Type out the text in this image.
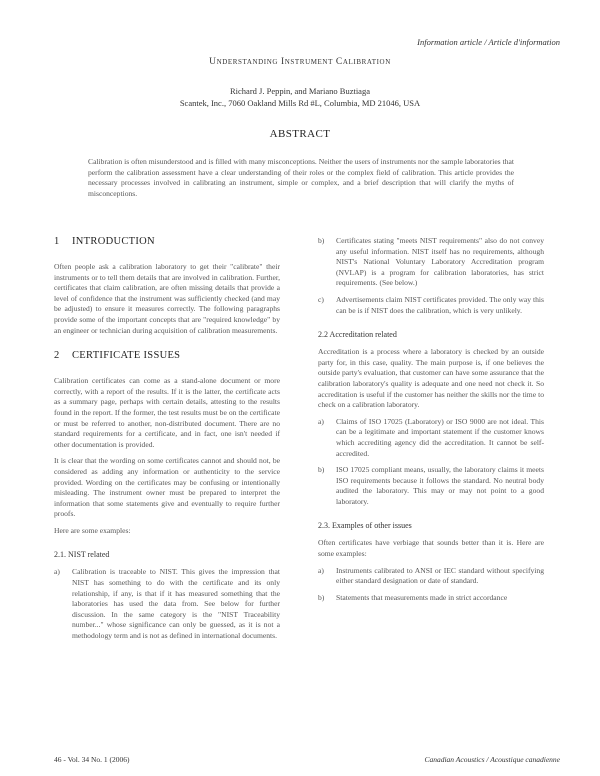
Information article / Article d'information
Understanding Instrument Calibration
Richard J. Peppin, and Mariano Buztiaga
Scantek, Inc., 7060 Oakland Mills Rd #L, Columbia, MD 21046, USA
ABSTRACT

Calibration is often misunderstood and is filled with many misconceptions. Neither the users of instruments nor the sample laboratories that perform the calibration assessment have a clear understanding of their roles or the complex field of calibration. This article provides the necessary processes involved in calibrating an instrument, simple or complex, and a brief description that will clarify the myths of misconceptions.

1 INTRODUCTION

Often people ask a calibration laboratory to get their "calibrate" their instruments or to tell them details that are involved in calibration. Further, certificates that claim calibration, are often missing details that provide a level of confidence that the instrument was sufficiently checked (and may be adjusted) to ensure it measures correctly. The following paragraphs provide some of the important concepts that are "required knowledge" by an engineer or technician during acquisition of calibration measurements.

2 CERTIFICATE ISSUES

Calibration certificates can come as a stand-alone document or more correctly, with a report of the results. If it is the latter, the certificate acts as a summary page, perhaps with certain details, attesting to the results found in the report. If the former, the test results must be on the certificate or must be referred to another, non-distributed document. There are no standard requirements for a certificate, and in fact, one isn't needed if other documentation is provided.

It is clear that the wording on some certificates cannot and should not, be considered as adding any information or authenticity to the service provided. Wording on the certificates may be confusing or intentionally misleading. The instrument owner must be prepared to interpret the information that some statements give and eventually to require further proofs.

Here are some examples:

2.1. NIST related
a) Calibration is traceable to NIST. This gives the impression that NIST has something to do with the certificate and its only relationship, if any, is that if it has measured something that the laboratories has used the data from. See below for further discussion. In the same category is the "NIST Traceability number..." whose significance can only be guessed, as it is not a methodology term and is not as defined in international documents.
b) Certificates stating "meets NIST requirements" also do not convey any useful information. NIST itself has no requirements, although NIST's National Voluntary Laboratory Accreditation program (NVLAP) is a program for calibration laboratories, has strict requirements. (See below.)
c) Advertisements claim NIST certificates provided. The only way this can be is if NIST does the calibration, which is very unlikely.
2.2 Accreditation related

Accreditation is a process where a laboratory is checked by an outside party for, in this case, quality. The main purpose is, if one believes the outside party's evaluation, that customer can have some assurance that the calibration laboratory's quality is adequate and one need not check it. So accreditation is useful if the customer has neither the skills nor the time to check on a calibration laboratory.

a) Claims of ISO 17025 (Laboratory) or ISO 9000 are not ideal. This can be a legitimate and important statement if the customer knows which accrediting agency did the accreditation. It cannot be self-accredited.
b) ISO 17025 compliant means, usually, the laboratory claims it meets ISO requirements because it follows the standard. No neutral body audited the laboratory. This may or may not point to a good laboratory.
2.3. Examples of other issues

Often certificates have verbiage that sounds better than it is. Here are some examples:

a) Instruments calibrated to ANSI or IEC standard without specifying either standard designation or date of standard.
b) Statements that measurements made in strict accordance
46 - Vol. 34 No. 1 (2006)	Canadian Acoustics / Acoustique canadienne
